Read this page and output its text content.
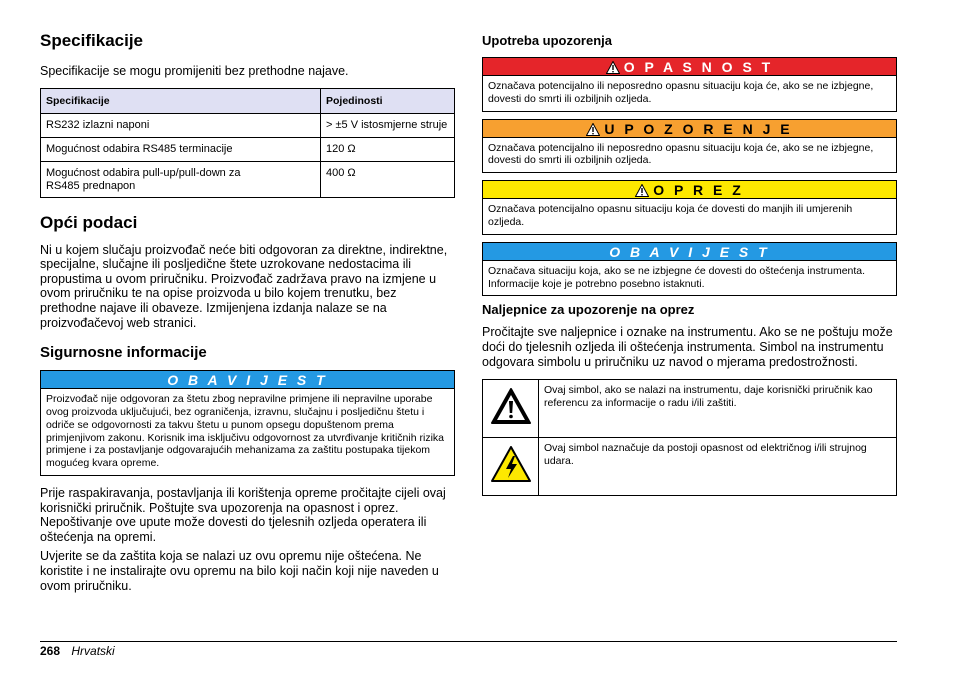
Specifikacije

Specifikacije se mogu promijeniti bez prethodne najave.

Specifikacije	Pojedinosti
RS232 izlazni naponi	> ±5 V istosmjerne struje
Mogućnost odabira RS485 terminacije	120 Ω
Mogućnost odabira pull-up/pull-down za RS485 prednapon	400 Ω
Opći podaci

Ni u kojem slučaju proizvođač neće biti odgovoran za direktne, indirektne, specijalne, slučajne ili posljedične štete uzrokovane nedostacima ili propustima u ovom priručniku. Proizvođač zadržava pravo na izmjene u ovom priručniku te na opise proizvoda u bilo kojem trenutku, bez prethodne najave ili obaveze. Izmijenjena izdanja nalaze se na proizvođačevoj web stranici.

Sigurnosne informacije
O B A V I J E S T
Proizvođač nije odgovoran za štetu zbog nepravilne primjene ili nepravilne uporabe ovog proizvoda uključujući, bez ograničenja, izravnu, slučajnu i posljedičnu štetu i odriče se odgovornosti za takvu štetu u punom opsegu dopuštenom prema primjenjivom zakonu. Korisnik ima isključivu odgovornost za utvrđivanje kritičnih rizika primjene i za postavljanje odgovarajućih mehanizama za zaštitu postupaka tijekom mogućeg kvara opreme.

Prije raspakiravanja, postavljanja ili korištenja opreme pročitajte cijeli ovaj korisnički priručnik. Poštujte sva upozorenja na opasnost i oprez. Nepoštivanje ove upute može dovesti do tjelesnih ozljeda operatera ili oštećenja na opremi.

Uvjerite se da zaštita koja se nalazi uz ovu opremu nije oštećena. Ne koristite i ne instalirajte ovu opremu na bilo koji način koji nije naveden u ovom priručniku.

Upotreba upozorenja
O P A S N O S T
Označava potencijalno ili neposredno opasnu situaciju koja će, ako se ne izbjegne, dovesti do smrti ili ozbiljnih ozljeda.
U P O Z O R E N J E
Označava potencijalno ili neposredno opasnu situaciju koja će, ako se ne izbjegne, dovesti do smrti ili ozbiljnih ozljeda.
O P R E Z
Označava potencijalno opasnu situaciju koja će dovesti do manjih ili umjerenih ozljeda.
O B A V I J E S T
Označava situaciju koja, ako se ne izbjegne će dovesti do oštećenja instrumenta. Informacije koje je potrebno posebno istaknuti.
Naljepnice za upozorenje na oprez

Pročitajte sve naljepnice i oznake na instrumentu. Ako se ne poštuju može doći do tjelesnih ozljeda ili oštećenja instrumenta. Simbol na instrumentu odgovara simbolu u priručniku uz navod o mjerama predostrožnosti.

	Ovaj simbol, ako se nalazi na instrumentu, daje korisnički priručnik kao referencu za informacije o radu i/ili zaštiti.
	Ovaj simbol naznačuje da postoji opasnost od električnog i/ili strujnog udara.
268 Hrvatski
